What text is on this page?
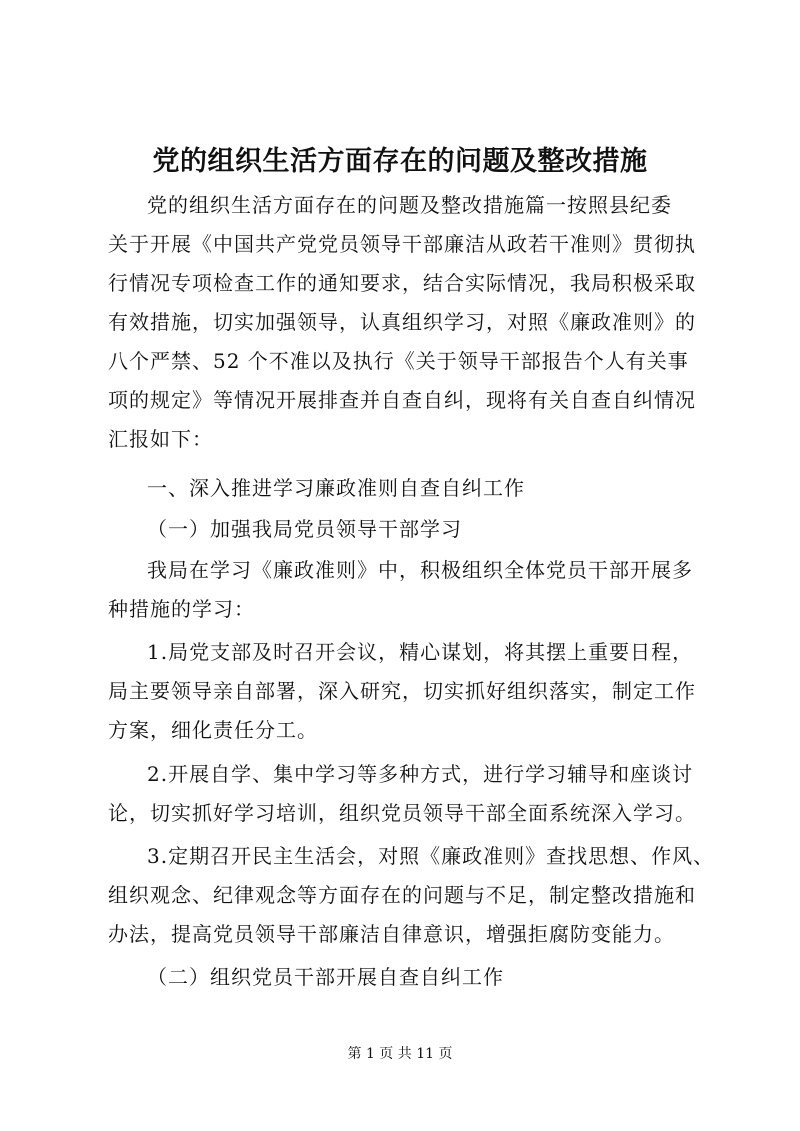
党的组织生活方面存在的问题及整改措施
党的组织生活方面存在的问题及整改措施篇一按照县纪委
关于开展《中国共产党党员领导干部廉洁从政若干准则》贯彻执
行情况专项检查工作的通知要求，结合实际情况，我局积极采取
有效措施，切实加强领导，认真组织学习，对照《廉政准则》的
八个严禁、52 个不准以及执行《关于领导干部报告个人有关事
项的规定》等情况开展排查并自查自纠，现将有关自查自纠情况
汇报如下：
一、深入推进学习廉政准则自查自纠工作
（一）加强我局党员领导干部学习
我局在学习《廉政准则》中，积极组织全体党员干部开展多
种措施的学习：
1.局党支部及时召开会议，精心谋划，将其摆上重要日程，
局主要领导亲自部署，深入研究，切实抓好组织落实，制定工作
方案，细化责任分工。
2.开展自学、集中学习等多种方式，进行学习辅导和座谈讨
论，切实抓好学习培训，组织党员领导干部全面系统深入学习。
3.定期召开民主生活会，对照《廉政准则》查找思想、作风、
组织观念、纪律观念等方面存在的问题与不足，制定整改措施和
办法，提高党员领导干部廉洁自律意识，增强拒腐防变能力。
（二）组织党员干部开展自查自纠工作
第 1 页 共 11 页
